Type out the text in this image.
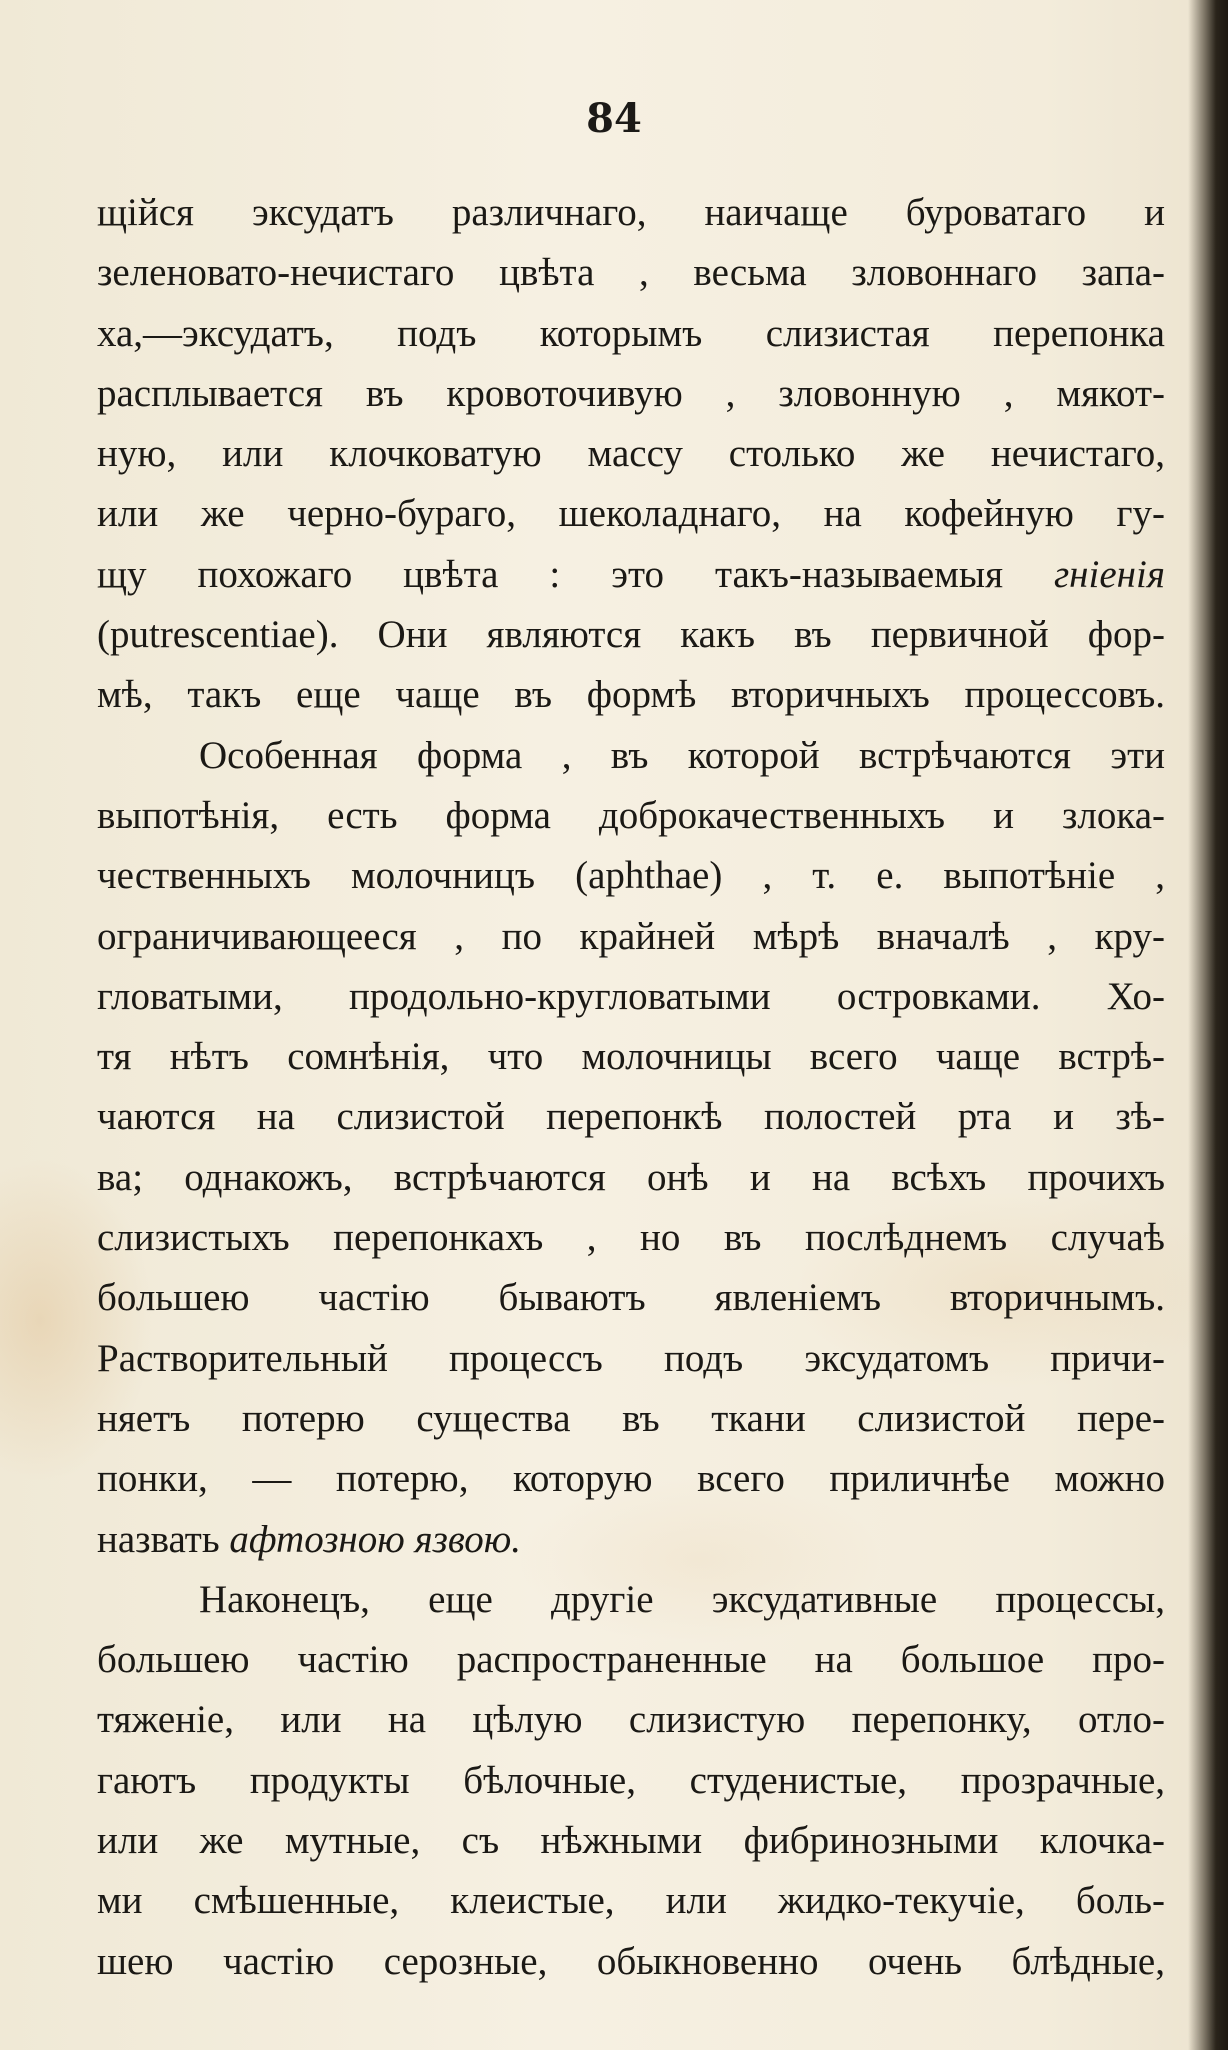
84
щійся эксудатъ различнаго, наичаще буроватаго и
зеленовато-нечистаго цвѣта , весьма зловоннаго запа-
ха,—эксудатъ, подъ которымъ слизистая перепонка
расплывается въ кровоточивую , зловонную , мякот-
ную, или клочковатую массу столько же нечистаго,
или же черно-бураго, шеколаднаго, на кофейную гу-
щу похожаго цвѣта : это такъ-называемыя гніенія
(putrescentiae). Они являются какъ въ первичной фор-
мѣ, такъ еще чаще въ формѣ вторичныхъ процессовъ.
Особенная форма , въ которой встрѣчаются эти
выпотѣнія, есть форма доброкачественныхъ и злока-
чественныхъ молочницъ (aphthae) , т. е. выпотѣніе ,
ограничивающееся , по крайней мѣрѣ вначалѣ , кру-
гловатыми, продольно-кругловатыми островками. Хо-
тя нѣтъ сомнѣнія, что молочницы всего чаще встрѣ-
чаются на слизистой перепонкѣ полостей рта и зѣ-
ва; однакожъ, встрѣчаются онѣ и на всѣхъ прочихъ
слизистыхъ перепонкахъ , но въ послѣднемъ случаѣ
большею частію бываютъ явленіемъ вторичнымъ.
Растворительный процессъ подъ эксудатомъ причи-
няетъ потерю существа въ ткани слизистой пере-
понки, — потерю, которую всего приличнѣе можно
назвать афтозною язвою.
Наконецъ, еще другіе эксудативные процессы,
большею частію распространенные на большое про-
тяженіе, или на цѣлую слизистую перепонку, отло-
гаютъ продукты бѣлочные, студенистые, прозрачные,
или же мутные, съ нѣжными фибринозными клочка-
ми смѣшенные, клеистые, или жидко-текучіе, боль-
шею частію серозные, обыкновенно очень блѣдные,
